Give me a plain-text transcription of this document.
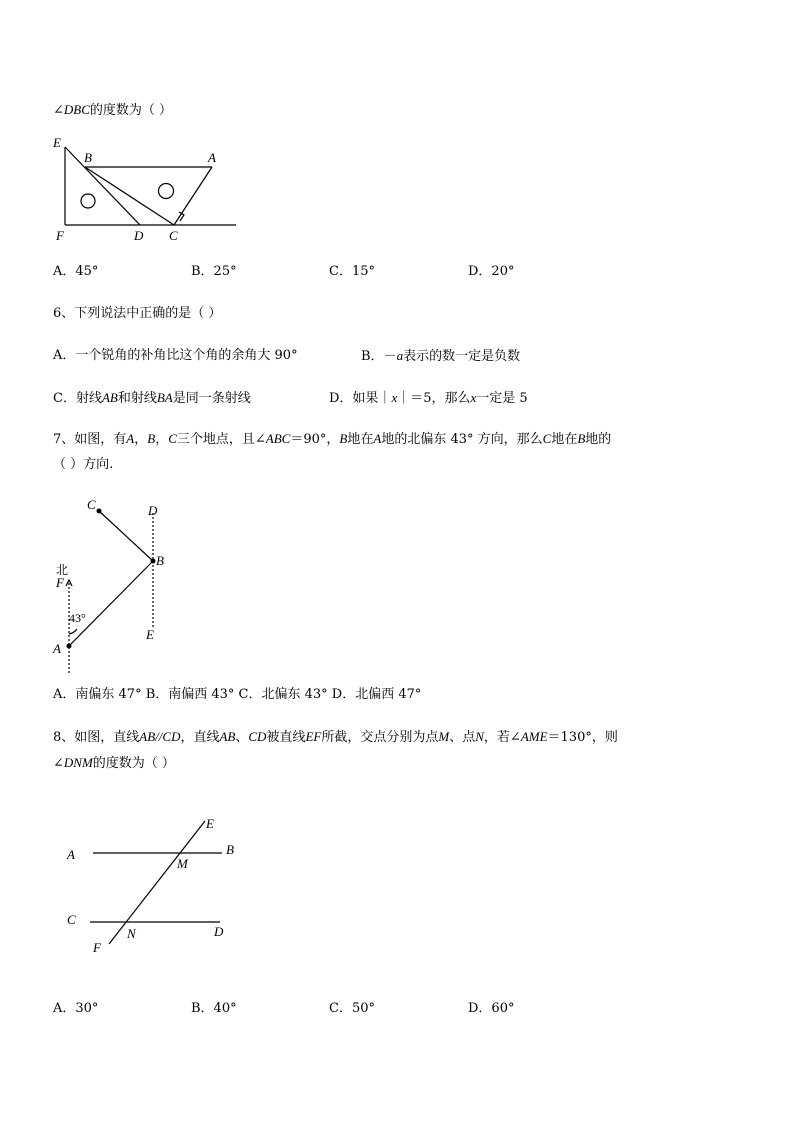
∠DBC的度数为（ ）
E
B	A
F	D C
A．45°	B．25°	C．15°	D．20°
6、下列说法中正确的是（ ）
A．一个锐角的补角比这个角的余角大 90°	B．－a表示的数一定是负数
C．射线AB和射线BA是同一条射线	D．如果｜x｜＝5，那么x一定是 5
7、如图，有A，B，C三个地点，且∠ABC＝90°，B地在A地的北偏东 43° 方向，那么C地在B地的
（ ）方向.
C	D
B
北
F
43°
A
E
A．南偏东 47° B．南偏西 43° C．北偏东 43° D．北偏西 47°
8、如图，直线AB//CD，直线AB、CD被直线EF所截，交点分别为点M、点N，若∠AME＝130°，则
∠DNM的度数为（ ）
E
A
M
B
C
N	D
F
A．30°	B．40°	C．50°	D．60°
